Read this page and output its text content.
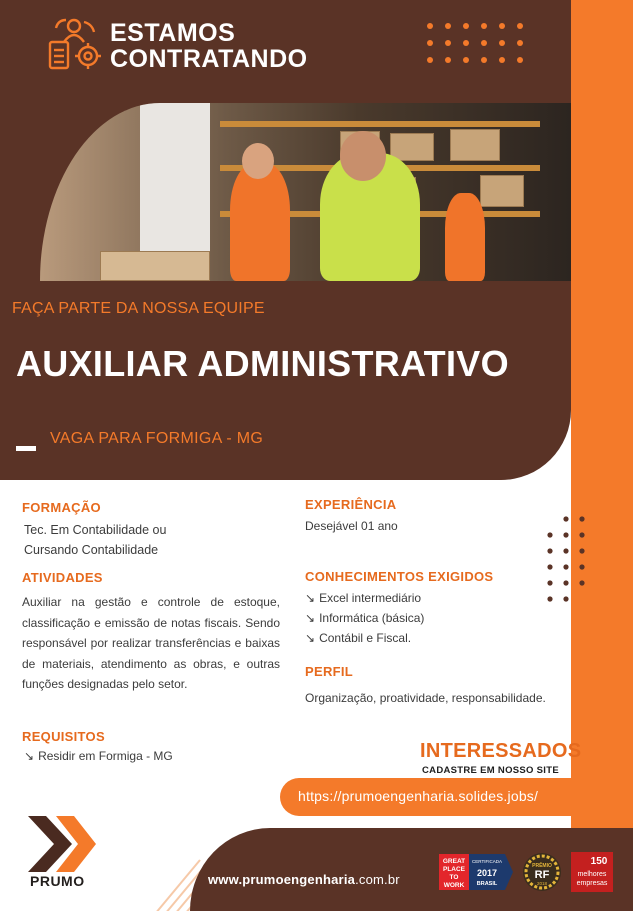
ESTAMOS
CONTRATANDO
FAÇA PARTE DA NOSSA EQUIPE
AUXILIAR ADMINISTRATIVO
VAGA PARA FORMIGA - MG
FORMAÇÃO
Tec. Em Contabilidade ou
Cursando Contabilidade
ATIVIDADES
Auxiliar na gestão e controle de estoque, classificação e emissão de notas fiscais. Sendo responsável por realizar transferências e baixas de materiais, atendimento as obras, e outras funções designadas pelo setor.
REQUISITOS
↘ Residir em Formiga - MG
EXPERIÊNCIA
Desejável 01 ano
CONHECIMENTOS EXIGIDOS
↘ Excel intermediário
↘ Informática (básica)
↘ Contábil e Fiscal.
PERFIL
Organização, proatividade, responsabilidade.
INTERESSADOS
CADASTRE EM NOSSO SITE
https://prumoengenharia.solides.jobs/
PRUMO	www.prumoengenharia.com.br
GREAT
PLACE
TO
WORK
CERTIFICADA
2017
BRASIL
PRÊMIO
RF
2018
150
melhores
empresas
